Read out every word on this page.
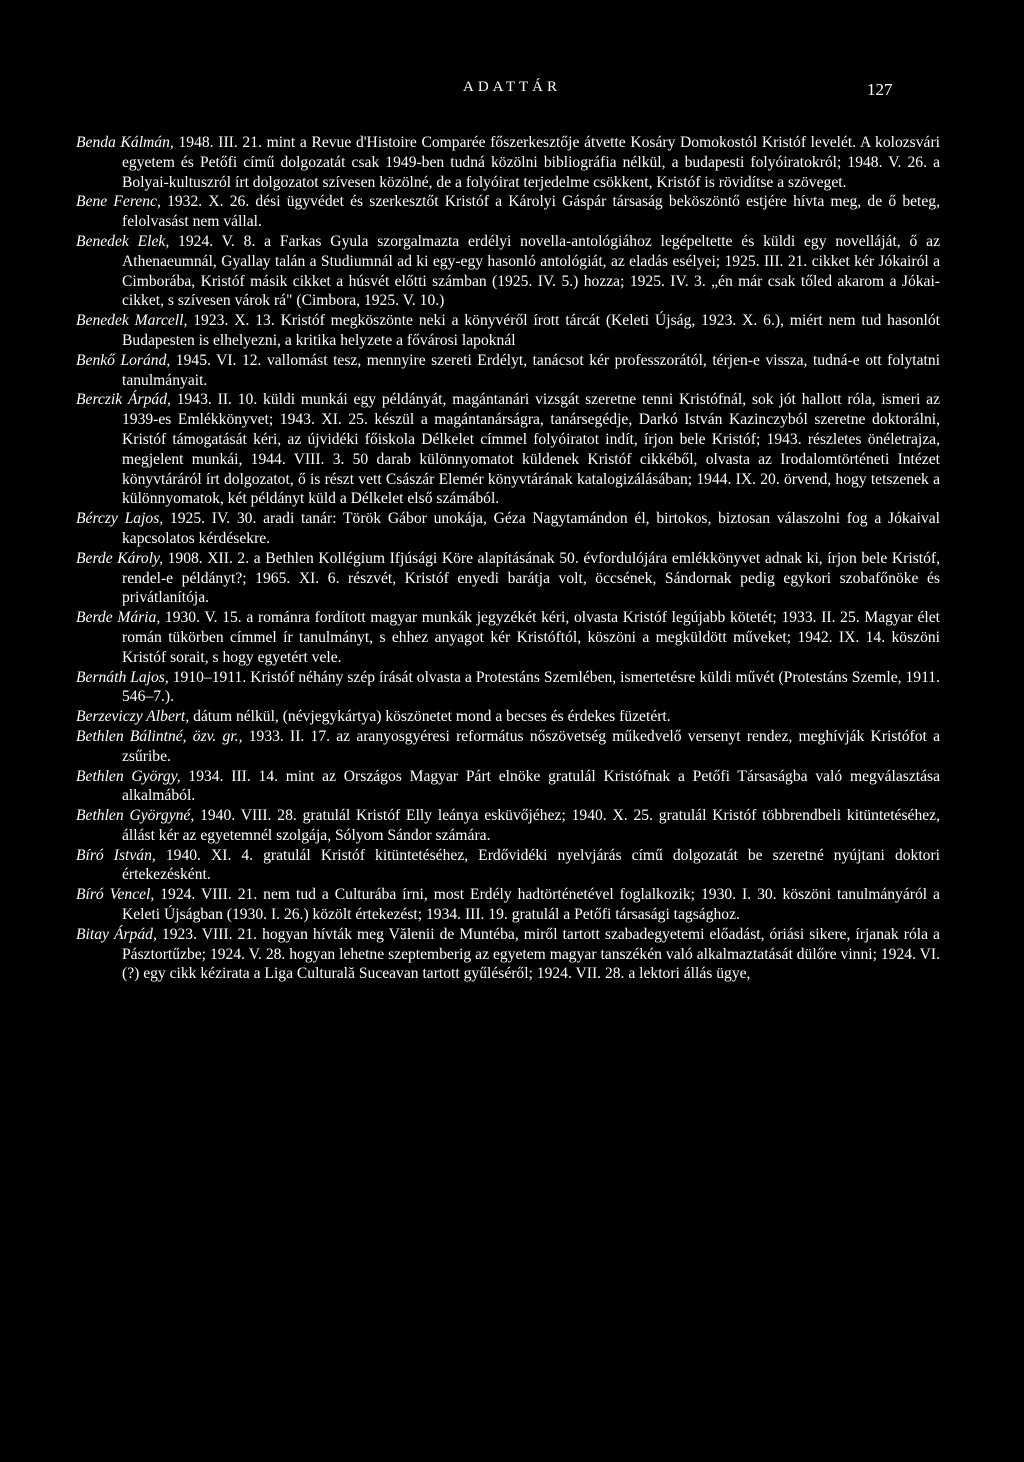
ADATTÁR	127

Benda Kálmán, 1948. III. 21. mint a Revue d'Histoire Comparée főszerkesztője átvette Kosáry Domokostól Kristóf levelét. A kolozsvári egyetem és Petőfi című dolgozatát csak 1949-ben tudná közölni bibliográfia nélkül, a budapesti folyóiratokról; 1948. V. 26. a Bolyai-kultuszról írt dolgozatot szívesen közölné, de a folyóirat terjedelme csökkent, Kristóf is rövidítse a szöveget.

Bene Ferenc, 1932. X. 26. dési ügyvédet és szerkesztőt Kristóf a Károlyi Gáspár társaság beköszöntő estjére hívta meg, de ő beteg, felolvasást nem vállal.

Benedek Elek, 1924. V. 8. a Farkas Gyula szorgalmazta erdélyi novella-antológiához legépeltette és küldi egy novelláját, ő az Athenaeumnál, Gyallay talán a Studiumnál ad ki egy-egy hasonló antológiát, az eladás esélyei; 1925. III. 21. cikket kér Jókairól a Cimborába, Kristóf másik cikket a húsvét előtti számban (1925. IV. 5.) hozza; 1925. IV. 3. „én már csak tőled akarom a Jókai-cikket, s szívesen várok rá" (Cimbora, 1925. V. 10.)

Benedek Marcell, 1923. X. 13. Kristóf megköszönte neki a könyvéről írott tárcát (Keleti Újság, 1923. X. 6.), miért nem tud hasonlót Budapesten is elhelyezni, a kritika helyzete a fővárosi lapoknál

Benkő Loránd, 1945. VI. 12. vallomást tesz, mennyire szereti Erdélyt, tanácsot kér professzorától, térjen-e vissza, tudná-e ott folytatni tanulmányait.

Berczik Árpád, 1943. II. 10. küldi munkái egy példányát, magántanári vizsgát szeretne tenni Kristófnál, sok jót hallott róla, ismeri az 1939-es Emlékkönyvet; 1943. XI. 25. készül a magántanárságra, tanársegédje, Darkó István Kazinczyból szeretne doktorálni, Kristóf támogatását kéri, az újvidéki főiskola Délkelet címmel folyóiratot indít, írjon bele Kristóf; 1943. részletes önéletrajza, megjelent munkái, 1944. VIII. 3. 50 darab különnyomatot küldenek Kristóf cikkéből, olvasta az Irodalomtörténeti Intézet könyvtáráról írt dolgozatot, ő is részt vett Császár Elemér könyvtárának katalogizálásában; 1944. IX. 20. örvend, hogy tetszenek a különnyomatok, két példányt küld a Délkelet első számából.

Bérczy Lajos, 1925. IV. 30. aradi tanár: Török Gábor unokája, Géza Nagytamándon él, birtokos, biztosan válaszolni fog a Jókaival kapcsolatos kérdésekre.

Berde Károly, 1908. XII. 2. a Bethlen Kollégium Ifjúsági Köre alapításának 50. évfordulójára emlékkönyvet adnak ki, írjon bele Kristóf, rendel-e példányt?; 1965. XI. 6. részvét, Kristóf enyedi barátja volt, öccsének, Sándornak pedig egykori szobafőnöke és privátlanítója.

Berde Mária, 1930. V. 15. a románra fordított magyar munkák jegyzékét kéri, olvasta Kristóf legújabb kötetét; 1933. II. 25. Magyar élet román tükörben címmel ír tanulmányt, s ehhez anyagot kér Kristóftól, köszöni a megküldött műveket; 1942. IX. 14. köszöni Kristóf sorait, s hogy egyetért vele.

Bernáth Lajos, 1910–1911. Kristóf néhány szép írását olvasta a Protestáns Szemlében, ismertetésre küldi művét (Protestáns Szemle, 1911. 546–7.).

Berzeviczy Albert, dátum nélkül, (névjegykártya) köszönetet mond a becses és érdekes füzetért.

Bethlen Bálintné, özv. gr., 1933. II. 17. az aranyosgyéresi református nőszövetség műkedvelő versenyt rendez, meghívják Kristófot a zsűribe.

Bethlen György, 1934. III. 14. mint az Országos Magyar Párt elnöke gratulál Kristófnak a Petőfi Társaságba való megválasztása alkalmából.

Bethlen Györgyné, 1940. VIII. 28. gratulál Kristóf Elly leánya esküvőjéhez; 1940. X. 25. gratulál Kristóf többrendbeli kitüntetéséhez, állást kér az egyetemnél szolgája, Sólyom Sándor számára.

Bíró István, 1940. XI. 4. gratulál Kristóf kitüntetéséhez, Erdővidéki nyelvjárás című dolgozatát be szeretné nyújtani doktori értekezésként.

Bíró Vencel, 1924. VIII. 21. nem tud a Culturába írni, most Erdély hadtörténetével foglalkozik; 1930. I. 30. köszöni tanulmányáról a Keleti Újságban (1930. I. 26.) közölt értekezést; 1934. III. 19. gratulál a Petőfi társasági tagsághoz.

Bitay Árpád, 1923. VIII. 21. hogyan hívták meg Vălenii de Muntébа, miről tartott szabadegyetemi előadást, óriási sikere, írjanak róla a Pásztortűzbe; 1924. V. 28. hogyan lehetne szeptemberig az egyetem magyar tanszékén való alkalmaztatását dülőre vinni; 1924. VI. (?) egy cikk kézirata a Liga Culturală Suceavan tartott gyűléséről; 1924. VII. 28. a lektori állás ügye,
